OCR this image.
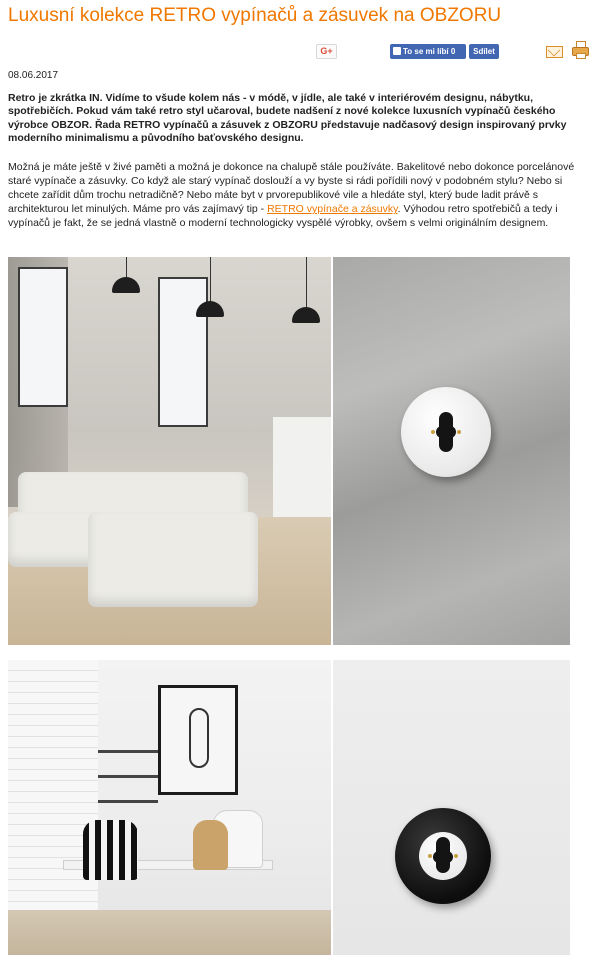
Luxusní kolekce RETRO vypínačů a zásuvek na OBZORU
G+	To se mi líbí 0	Sdílet
08.06.2017

Retro je zkrátka IN. Vidíme to všude kolem nás - v módě, v jídle, ale také v interiérovém designu, nábytku, spotřebičích. Pokud vám také retro styl učaroval, budete nadšení z nové kolekce luxusních vypínačů českého výrobce OBZOR. Řada RETRO vypínačů a zásuvek z OBZORU představuje nadčasový design inspirovaný prvky moderního minimalismu a původního baťovského designu.

Možná je máte ještě v živé paměti a možná je dokonce na chalupě stále používáte. Bakelitové nebo dokonce porcelánové staré vypínače a zásuvky. Co když ale starý vypínač doslouží a vy byste si rádi pořídili nový v podobném stylu? Nebo si chcete zařídit dům trochu netradičně? Nebo máte byt v prvorepublikové vile a hledáte styl, který bude ladit právě s architekturou let minulých. Máme pro vás zajímavý tip - RETRO vypínače a zásuvky. Výhodou retro spotřebičů a tedy i vypínačů je fakt, že se jedná vlastně o moderní technologicky vyspělé výrobky, ovšem s velmi originálním designem.
